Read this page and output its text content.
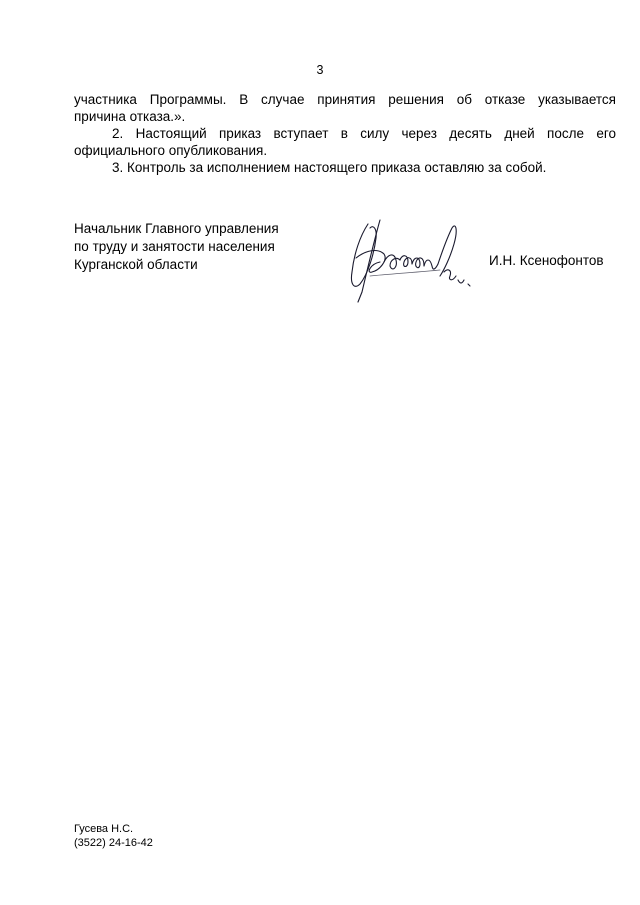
3

участника Программы. В случае принятия решения об отказе указывается
причина отказа.».

2. Настоящий приказ вступает в силу через десять дней после его
официального опубликования.

3. Контроль за исполнением настоящего приказа оставляю за собой.

Начальник Главного управления
по труду и занятости населения
Курганской области	И.Н. Ксенофонтов
Гусева Н.С.
(3522) 24-16-42
